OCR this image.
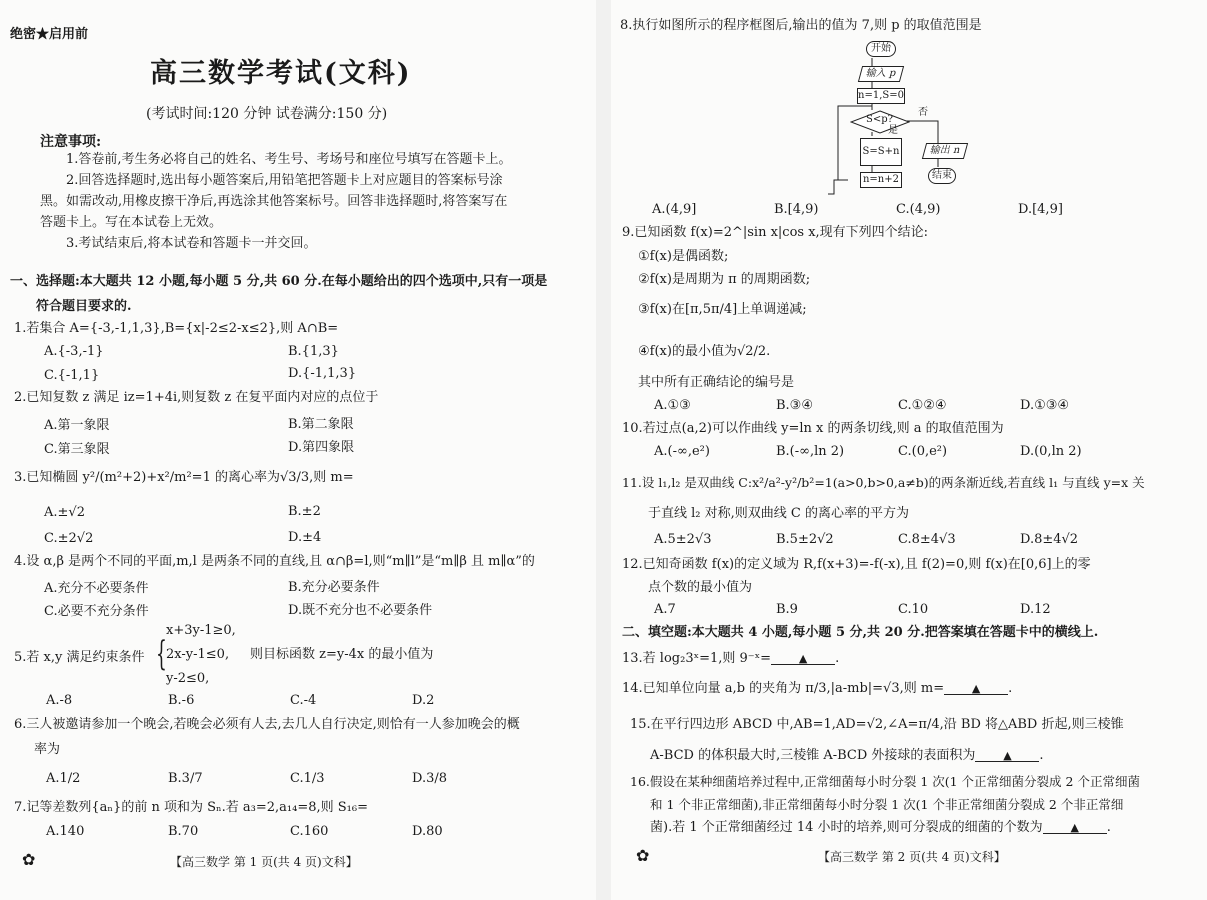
绝密★启用前
高三数学考试(文科)
(考试时间:120 分钟 试卷满分:150 分)
注意事项:
1.答卷前,考生务必将自己的姓名、考生号、考场号和座位号填写在答题卡上。
2.回答选择题时,选出每小题答案后,用铅笔把答题卡上对应题目的答案标号涂
黑。如需改动,用橡皮擦干净后,再选涂其他答案标号。回答非选择题时,将答案写在
答题卡上。写在本试卷上无效。
3.考试结束后,将本试卷和答题卡一并交回。
一、选择题:本大题共 12 小题,每小题 5 分,共 60 分.在每小题给出的四个选项中,只有一项是
符合题目要求的.
1.若集合 A={-3,-1,1,3},B={x|-2≤2-x≤2},则 A∩B=
A.{-3,-1}	B.{1,3}
C.{-1,1}	D.{-1,1,3}
2.已知复数 z 满足 iz=1+4i,则复数 z 在复平面内对应的点位于
A.第一象限	B.第二象限
C.第三象限	D.第四象限
3.已知椭圆 y²/(m²+2)+x²/m²=1 的离心率为√3/3,则 m=
A.±√2	B.±2
C.±2√2	D.±4
4.设 α,β 是两个不同的平面,m,l 是两条不同的直线,且 α∩β=l,则“m∥l”是“m∥β 且 m∥α”的
A.充分不必要条件	B.充分必要条件
C.必要不充分条件	D.既不充分也不必要条件
5.若 x,y 满足约束条件 {
x+3y-1≥0,
2x-y-1≤0,
y-2≤0,
则目标函数 z=y-4x 的最小值为
A.-8	B.-6	C.-4	D.2
6.三人被邀请参加一个晚会,若晚会必须有人去,去几人自行决定,则恰有一人参加晚会的概
率为
A.1/2	B.3/7	C.1/3	D.3/8
7.记等差数列{aₙ}的前 n 项和为 Sₙ.若 a₃=2,a₁₄=8,则 S₁₆=
A.140	B.70	C.160	D.80
✿	【高三数学 第 1 页(共 4 页)文科】
8.执行如图所示的程序框图后,输出的值为 7,则 p 的取值范围是
开始
输入 p
n=1,S=0
S<p?
是
否
S=S+n
n=n+2
输出 n
结束
A.(4,9]	B.[4,9)	C.(4,9)	D.[4,9]
9.已知函数 f(x)=2^|sin x|cos x,现有下列四个结论:
①f(x)是偶函数;
②f(x)是周期为 π 的周期函数;
③f(x)在[π,5π/4]上单调递减;
④f(x)的最小值为√2/2.
其中所有正确结论的编号是
A.①③	B.③④	C.①②④	D.①③④
10.若过点(a,2)可以作曲线 y=ln x 的两条切线,则 a 的取值范围为
A.(-∞,e²)	B.(-∞,ln 2)	C.(0,e²)	D.(0,ln 2)
11.设 l₁,l₂ 是双曲线 C:x²/a²-y²/b²=1(a>0,b>0,a≠b)的两条渐近线,若直线 l₁ 与直线 y=x 关
于直线 l₂ 对称,则双曲线 C 的离心率的平方为
A.5±2√3	B.5±2√2	C.8±4√3	D.8±4√2
12.已知奇函数 f(x)的定义域为 R,f(x+3)=-f(-x),且 f(2)=0,则 f(x)在[0,6]上的零
点个数的最小值为
A.7	B.9	C.10	D.12
二、填空题:本大题共 4 小题,每小题 5 分,共 20 分.把答案填在答题卡中的横线上.
13.若 log₂3ˣ=1,则 9⁻ˣ=	▲ .
14.已知单位向量 a,b 的夹角为 π/3,|a-mb|=√3,则 m=	▲ .
15.在平行四边形 ABCD 中,AB=1,AD=√2,∠A=π/4,沿 BD 将△ABD 折起,则三棱锥
A-BCD 的体积最大时,三棱锥 A-BCD 外接球的表面积为	▲ .
16.假设在某种细菌培养过程中,正常细菌每小时分裂 1 次(1 个正常细菌分裂成 2 个正常细菌
和 1 个非正常细菌),非正常细菌每小时分裂 1 次(1 个非正常细菌分裂成 2 个非正常细
菌).若 1 个正常细菌经过 14 小时的培养,则可分裂成的细菌的个数为	▲ .
✿	【高三数学 第 2 页(共 4 页)文科】
